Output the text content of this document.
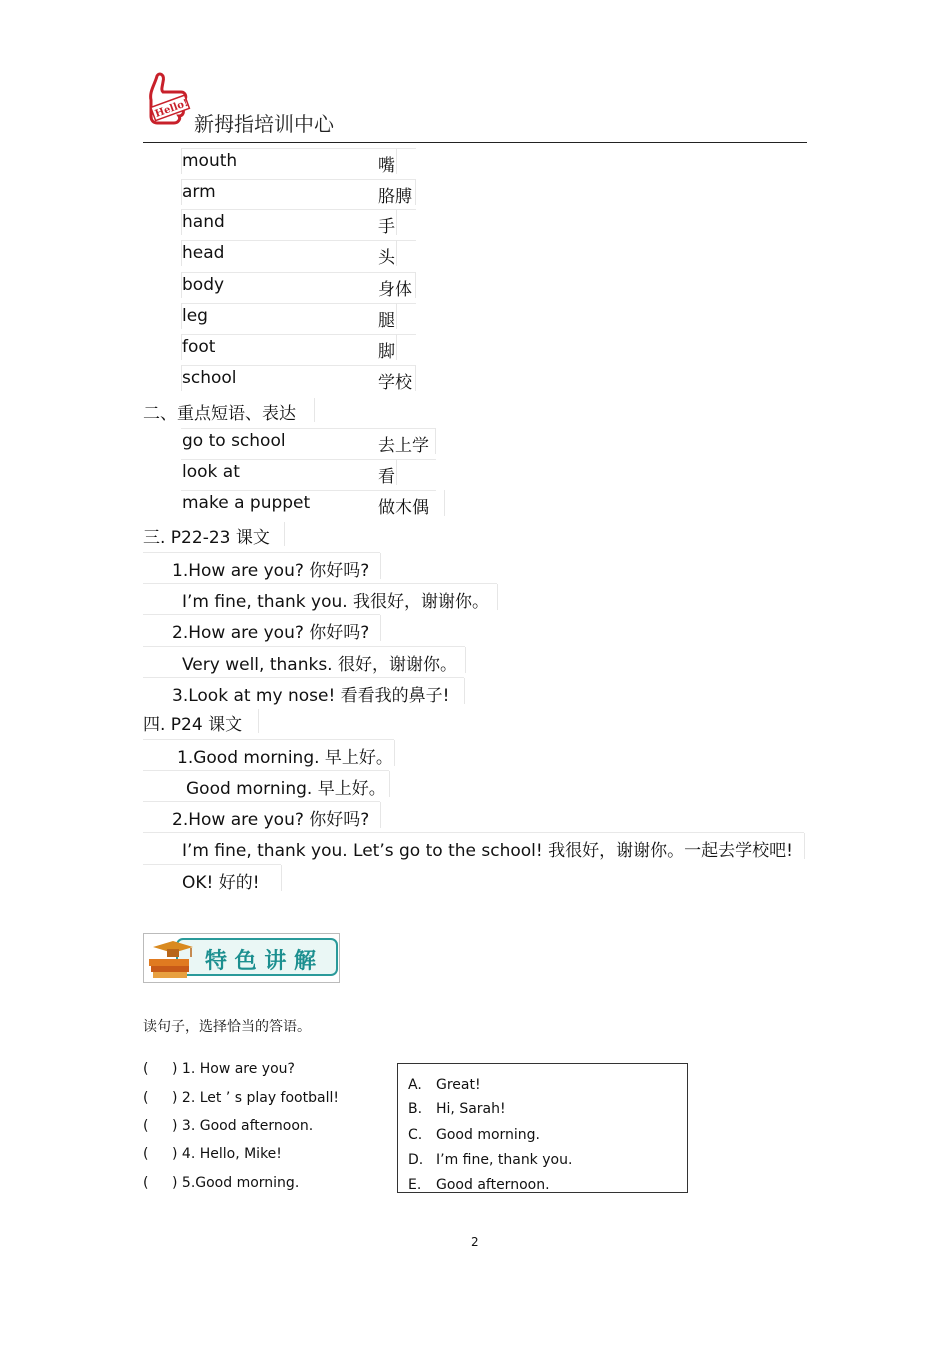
Hello!
新拇指培训中心
mouth	嘴
arm	胳膊
hand	手
head	头
body	身体
leg	腿
foot	脚
school	学校
二、重点短语、表达
go to school	去上学
look at	看
make a puppet	做木偶
三. P22-23 课文
1.How are you? 你好吗?
I’m fine, thank you. 我很好，谢谢你。
2.How are you? 你好吗?
Very well, thanks. 很好，谢谢你。
3.Look at my nose! 看看我的鼻子!
四. P24 课文
1.Good morning. 早上好。
Good morning. 早上好。
2.How are you? 你好吗?
I’m fine, thank you. Let’s go to the school! 我很好，谢谢你。一起去学校吧!
OK! 好的!
特 色 讲 解
读句子，选择恰当的答语。
( ) 1. How are you?
( ) 2. Let ’ s play football!
( ) 3. Good afternoon.
( ) 4. Hello, Mike!
( ) 5.Good morning.
A. Great!
B. Hi, Sarah!
C. Good morning.
D. I’m fine, thank you.
E. Good afternoon.
2
